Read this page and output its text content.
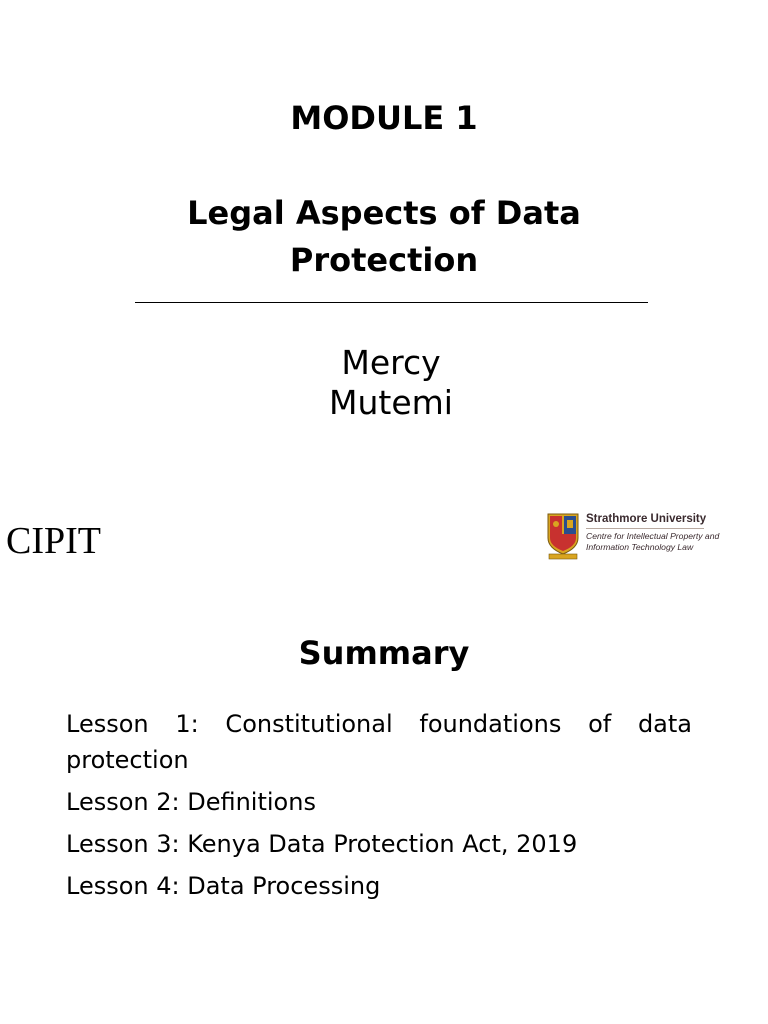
MODULE 1
Legal Aspects of Data Protection
Mercy
Mutemi
CIPIT
Strathmore University
Centre for Intellectual Property and Information Technology Law
Summary
Lesson 1: Constitutional foundations of data protection
Lesson 2: Definitions
Lesson 3: Kenya Data Protection Act, 2019
Lesson 4: Data Processing
